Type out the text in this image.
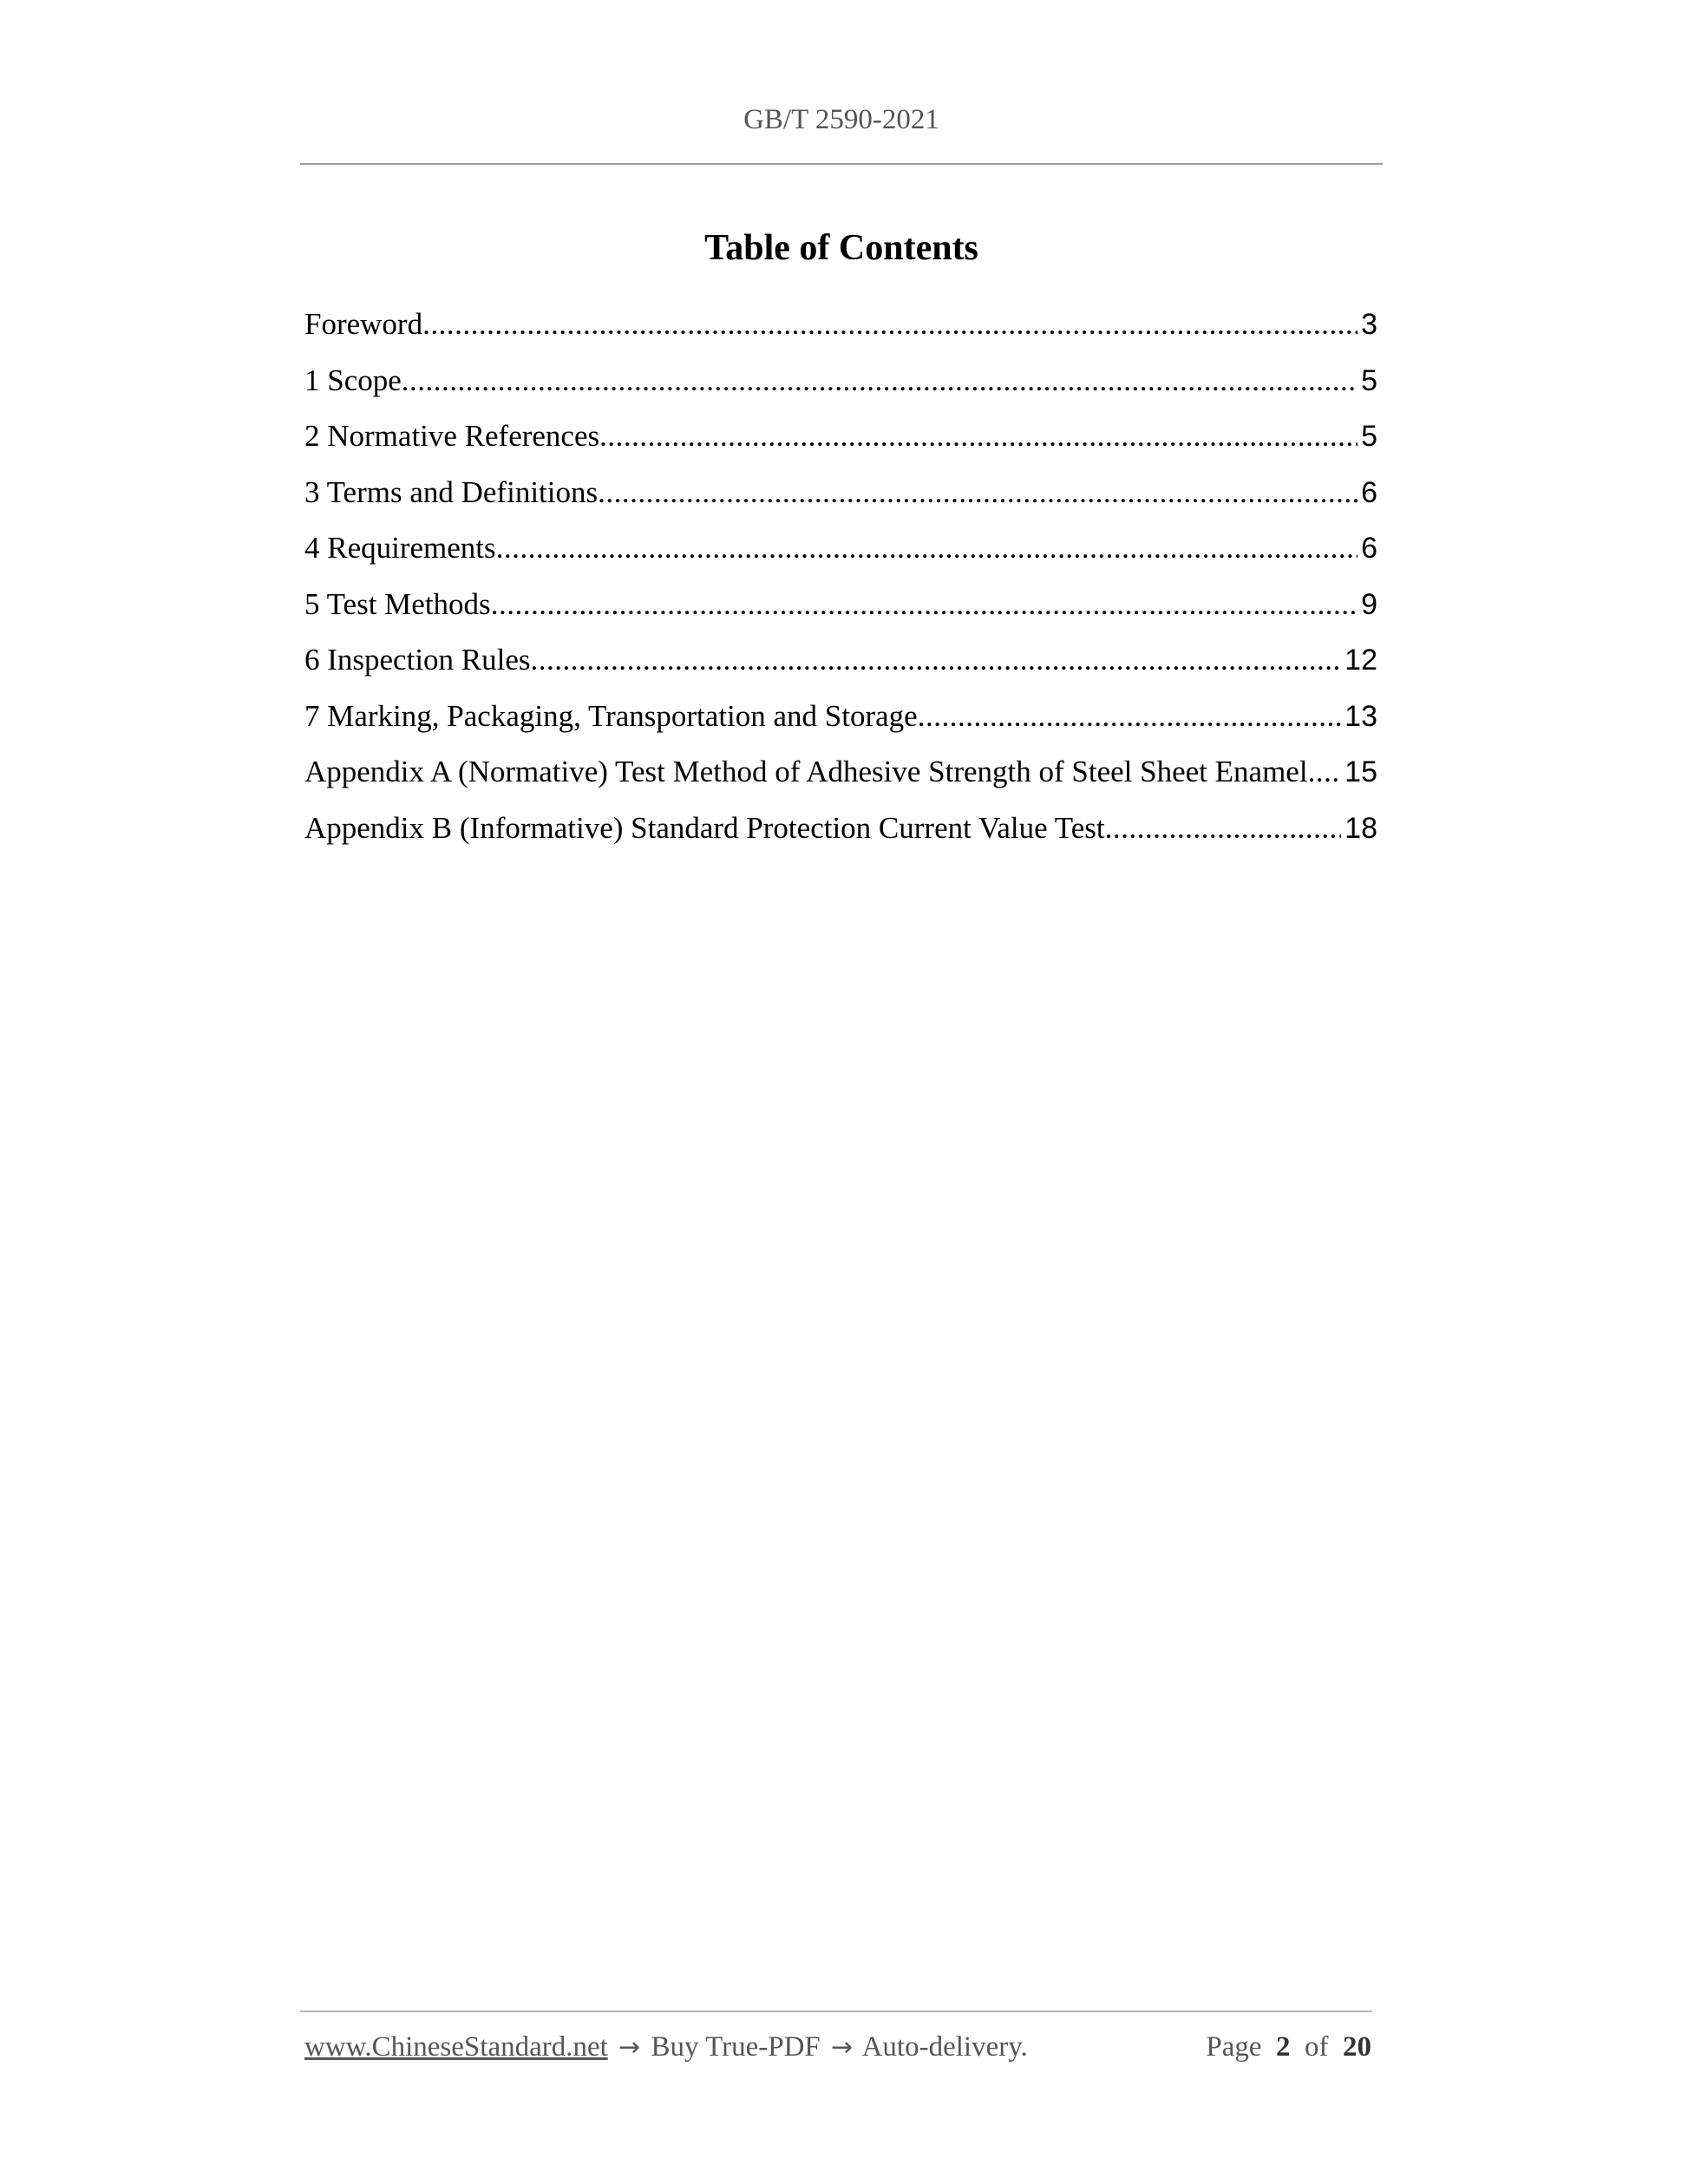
GB/T 2590-2021
Table of Contents
Foreword .....	3
1 Scope .....	5
2 Normative References .....	5
3 Terms and Definitions .....	6
4 Requirements .....	6
5 Test Methods .....	9
6 Inspection Rules .....	12
7 Marking, Packaging, Transportation and Storage .....	13
Appendix A (Normative) Test Method of Adhesive Strength of Steel Sheet Enamel ..... 15
Appendix B (Informative) Standard Protection Current Value Test .....	18
www.ChineseStandard.net → Buy True-PDF → Auto-delivery.	Page 2 of 20
